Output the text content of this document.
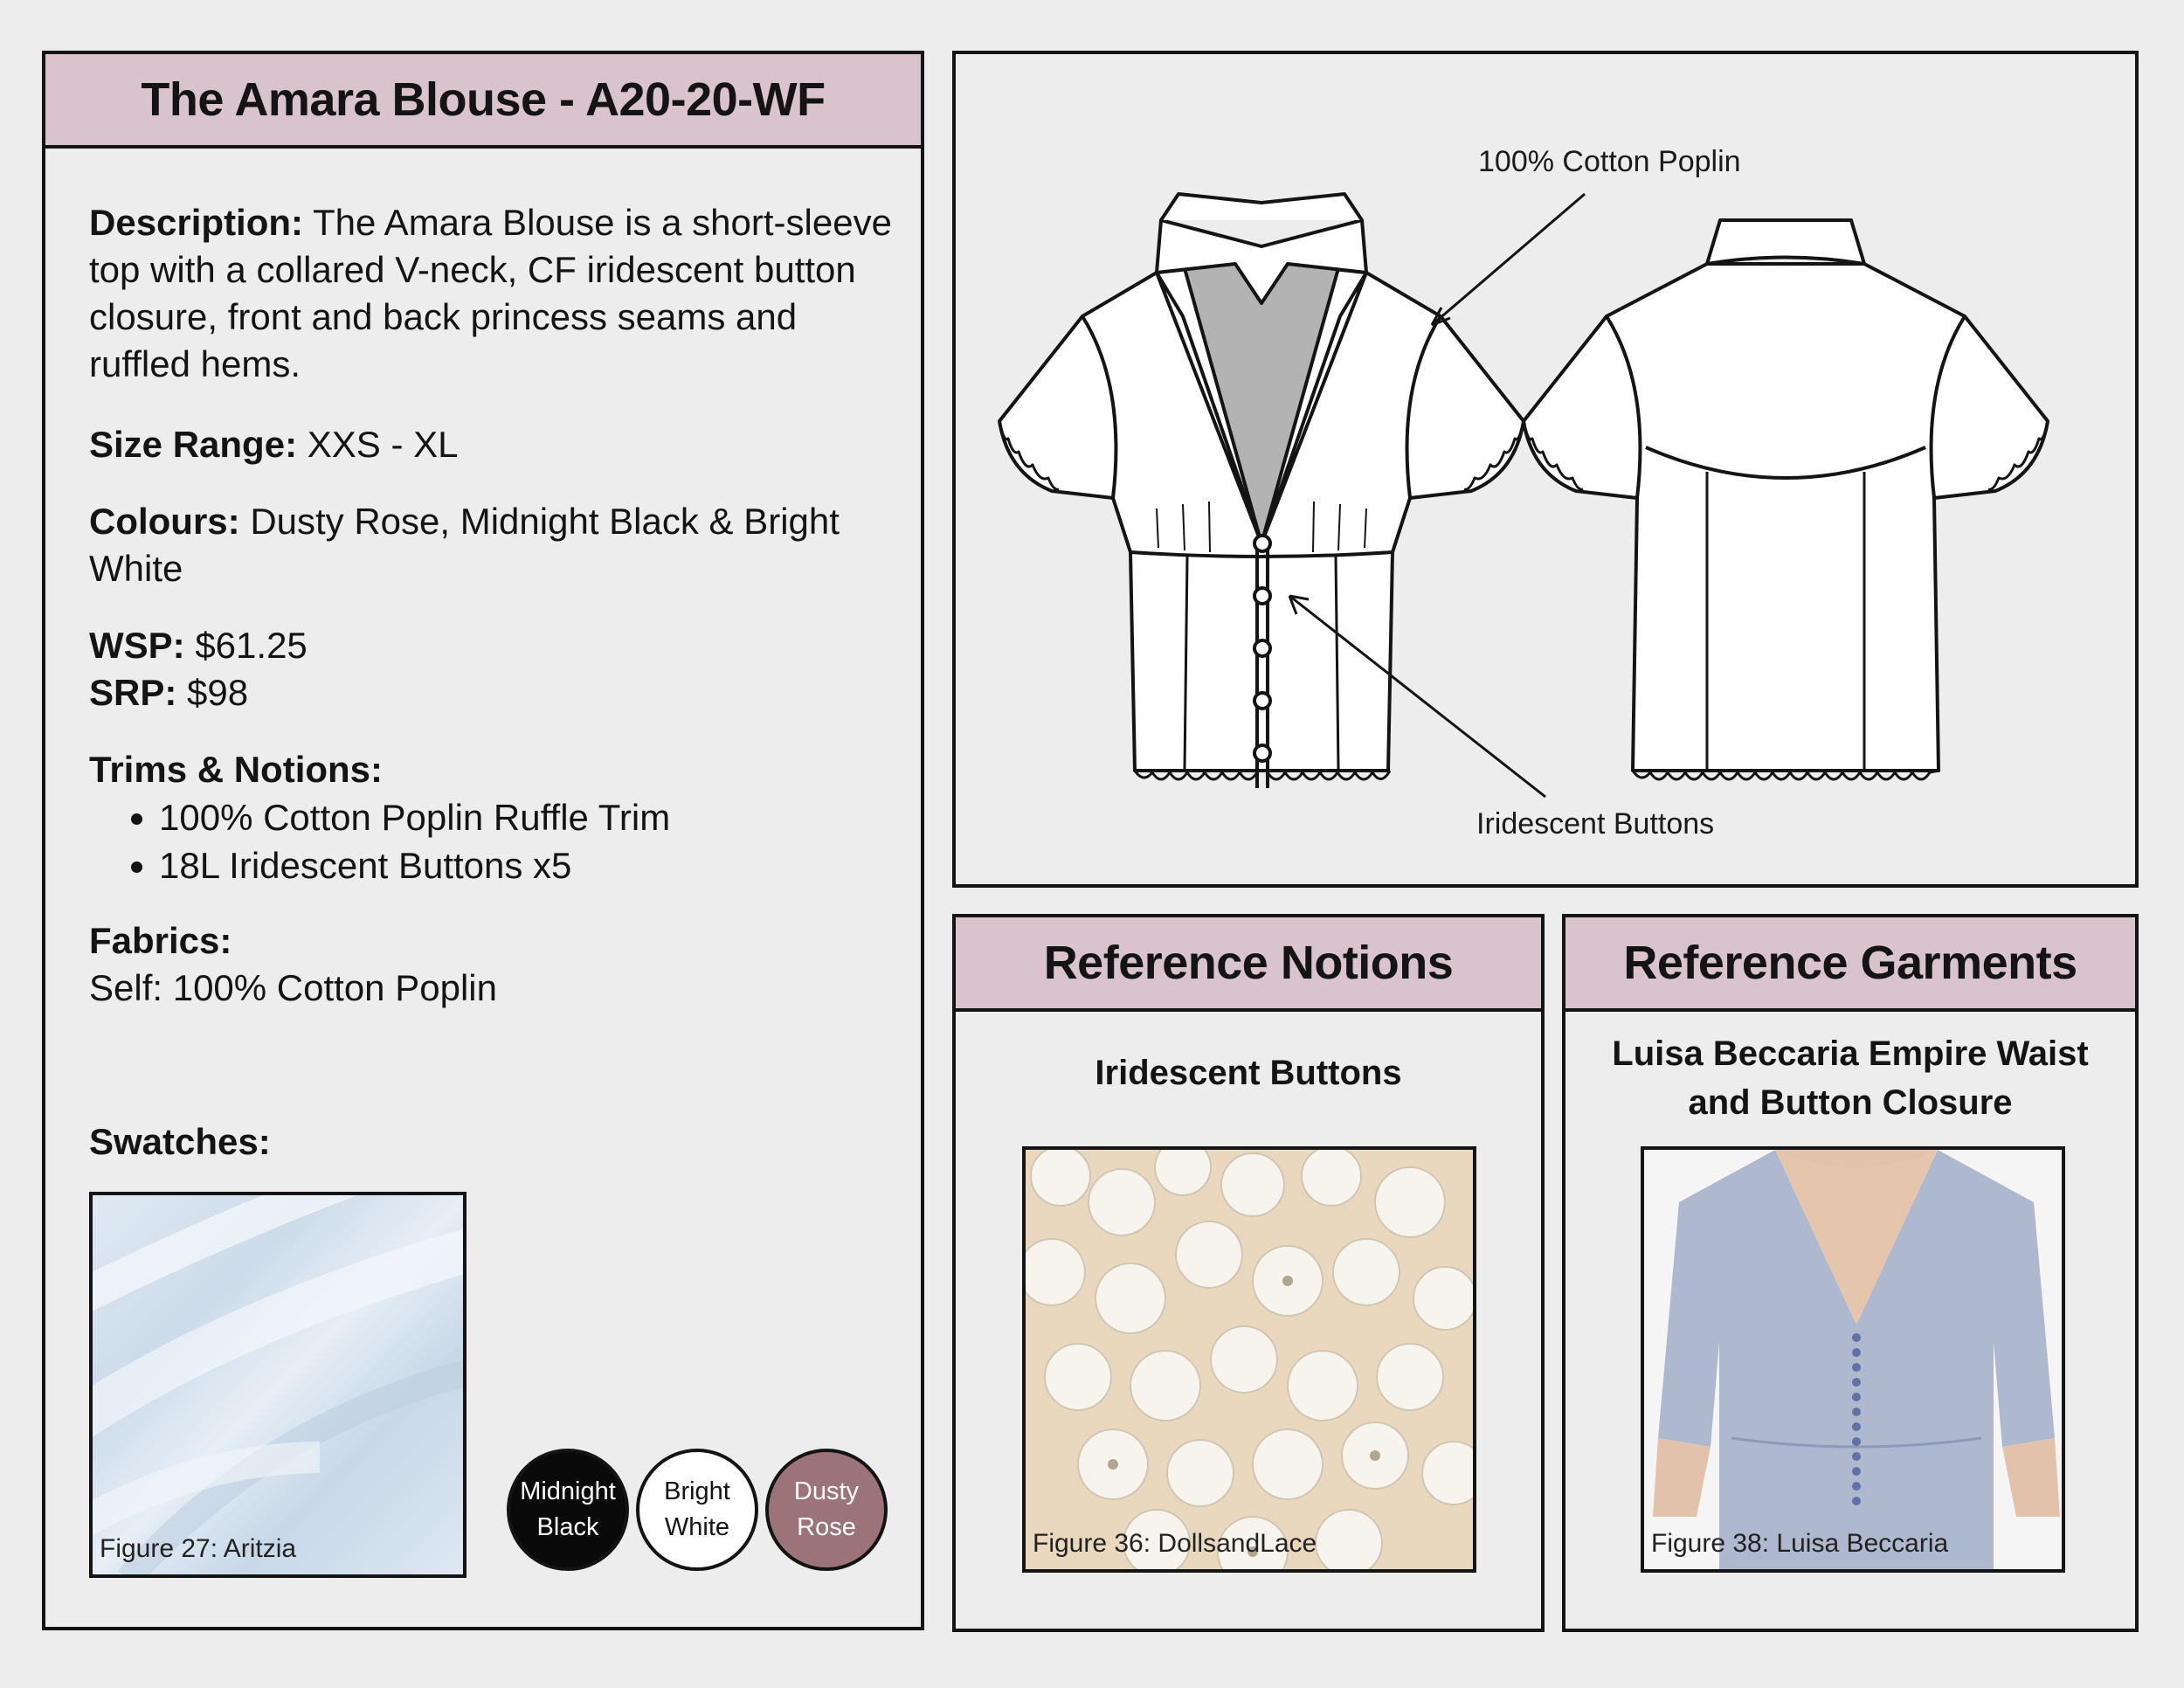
The Amara Blouse - A20-20-WF
Description: The Amara Blouse is a short-sleeve top with a collared V-neck, CF iridescent button closure, front and back princess seams and ruffled hems.
Size Range: XXS - XL
Colours: Dusty Rose, Midnight Black & Bright White
WSP: $61.25
SRP: $98
Trims & Notions:
• 100% Cotton Poplin Ruffle Trim
• 18L Iridescent Buttons x5
Fabrics:
Self: 100% Cotton Poplin
Swatches:
Figure 27: Aritzia
Midnight
Black
Bright
White
Dusty
Rose
100% Cotton Poplin
Iridescent Buttons
Reference Notions
Iridescent Buttons
Figure 36: DollsandLace
Reference Garments
Luisa Beccaria Empire Waist and Button Closure
Figure 38: Luisa Beccaria
